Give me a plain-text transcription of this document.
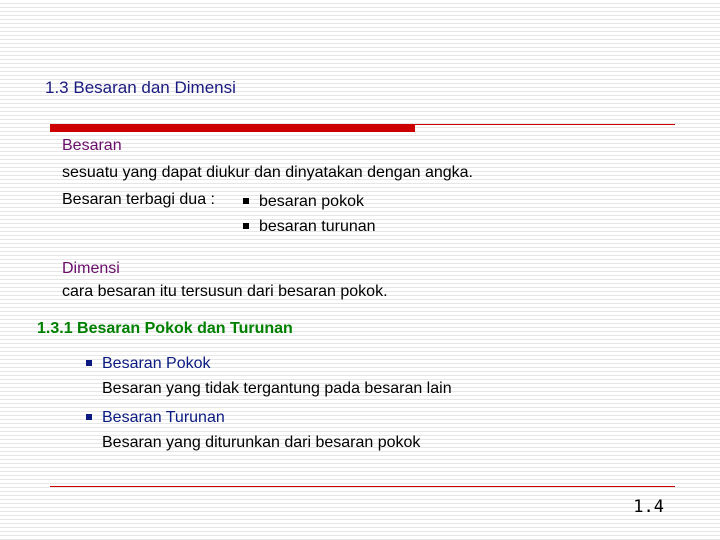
1.3 Besaran dan Dimensi
Besaran
sesuatu yang dapat diukur dan dinyatakan dengan angka.
Besaran terbagi dua :	besaran pokok
besaran turunan
Dimensi
cara besaran itu tersusun dari besaran pokok.
1.3.1 Besaran Pokok dan Turunan
Besaran Pokok
Besaran yang tidak tergantung pada besaran lain
Besaran Turunan
Besaran yang diturunkan dari besaran pokok
1.4
